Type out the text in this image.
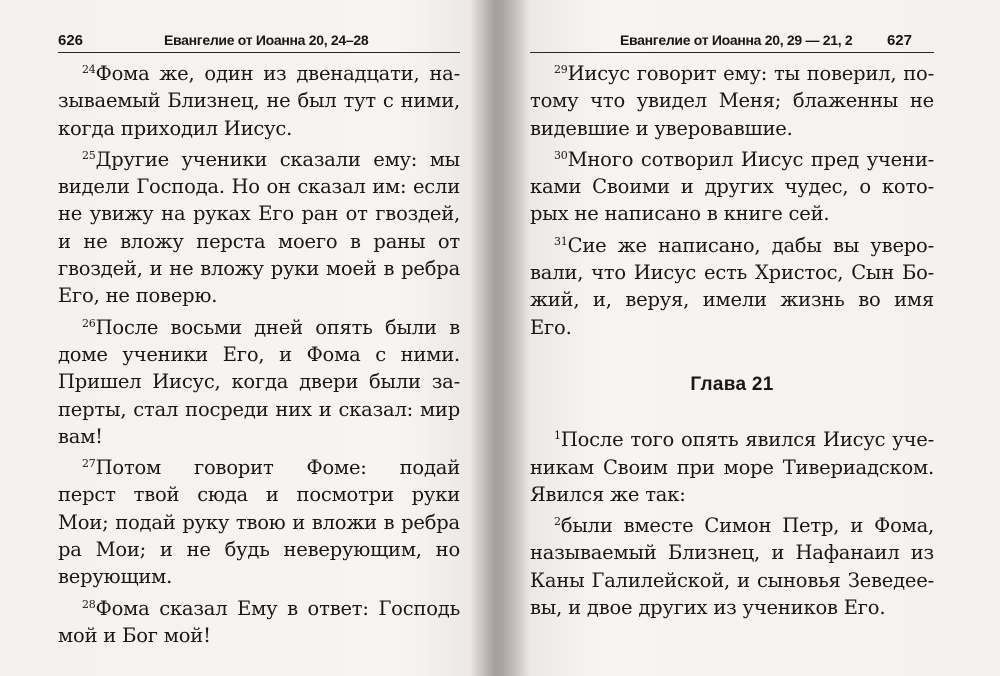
626	Евангелие от Иоанна 20, 24–28
$^{24}$Фома же, один из двенадцати, на-
зываемый Близнец, не был тут с ними,
когда приходил Иисус.
$^{25}$Другие ученики сказали ему: мы
видели Господа. Но он сказал им: если
не увижу на руках Его ран от гвоздей,
и не вложу перста моего в раны от
гвоздей, и не вложу руки моей в ребра
Его, не поверю.
$^{26}$После восьми дней опять были в
доме ученики Его, и Фома с ними.
Пришел Иисус, когда двери были за-
перты, стал посреди них и сказал: мир
вам!
$^{27}$Потом говорит Фоме: подай
перст твой сюда и посмотри руки
Мои; подай руку твою и вложи в ребра
ра Мои; и не будь неверующим, но
верующим.
$^{28}$Фома сказал Ему в ответ: Господь
мой и Бог мой!
Евангелие от Иоанна 20, 29 — 21, 2 627
$^{29}$Иисус говорит ему: ты поверил, по-
тому что увидел Меня; блаженны не
видевшие и уверовавшие.
$^{30}$Много сотворил Иисус пред учени-
ками Своими и других чудес, о кото-
рых не написано в книге сей.
$^{31}$Сие же написано, дабы вы уверо-
вали, что Иисус есть Христос, Сын Бо-
жий, и, веруя, имели жизнь во имя
Его.
Глава 21
$^1$После того опять явился Иисус уче-
никам Своим при море Тивериадском.
Явился же так:
$^2$были вместе Симон Петр, и Фома,
называемый Близнец, и Нафанаил из
Каны Галилейской, и сыновья Зеведее-
вы, и двое других из учеников Его.
